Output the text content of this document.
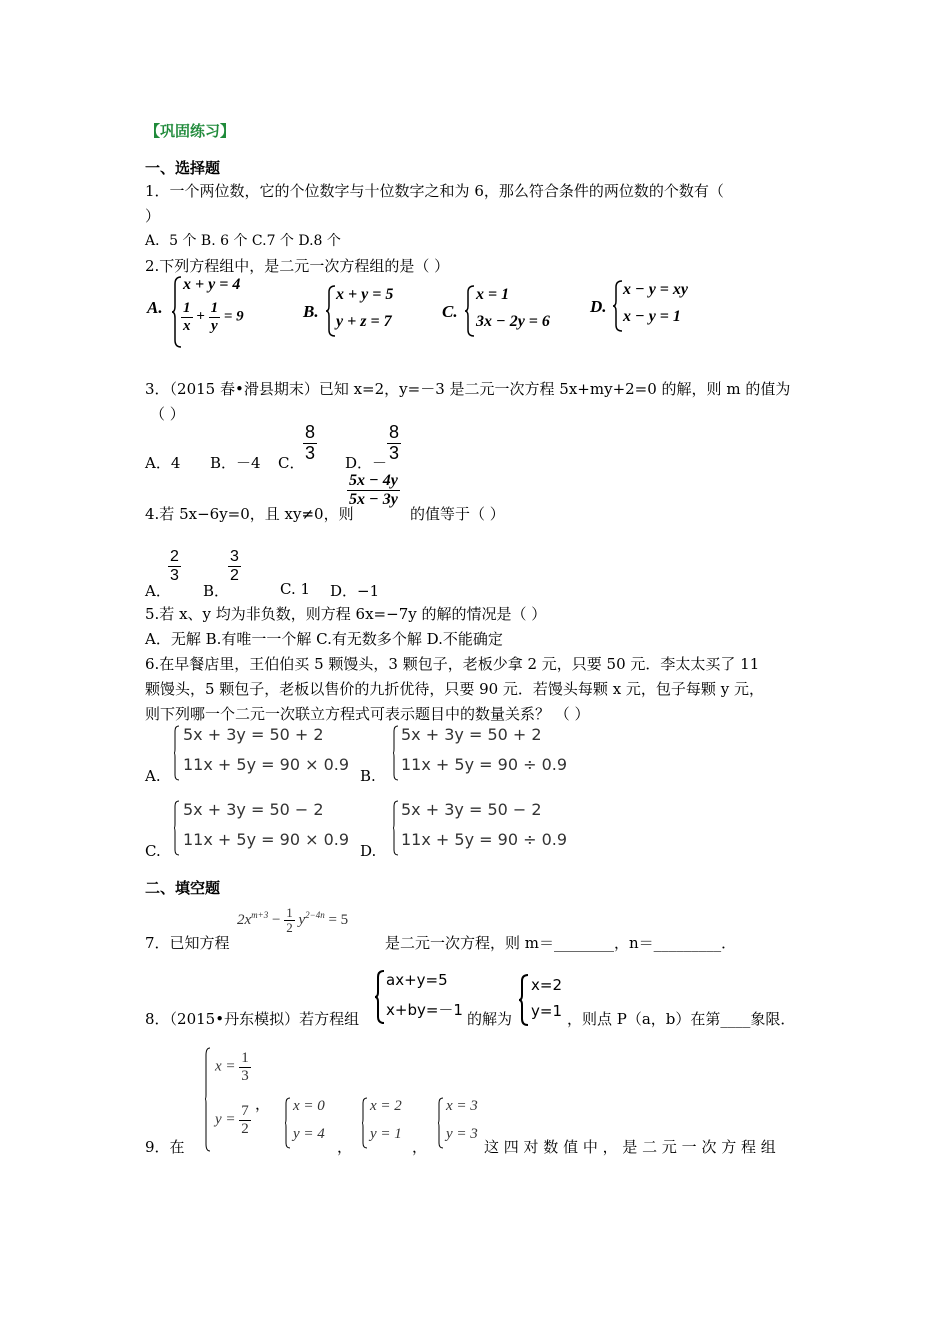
【巩固练习】
一、选择题
1．一个两位数，它的个位数字与十位数字之和为 6，那么符合条件的两位数的个数有（
）
A．5 个 B. 6 个 C.7 个 D.8 个
2.下列方程组中，是二元一次方程组的是（ ）
A.
x + y = 4
$\frac{1}{x} + \frac{1}{y} = 9$	B.
x + y = 5
y + z = 7
C.
x = 1
3x − 2y = 6
D.
x − y = xy
x − y = 1
3．（2015 春•滑县期末）已知 x=2，y=－3 是二元一次方程 5x+my+2=0 的解，则 m 的值为
（ ）
A．4 B．－4 C．
$\frac{8}{3}$ D．－ $\frac{8}{3}$
4.若 5x−6y=0，且 xy≠0，则
$\frac{5x - 4y}{5x - 3y}$
的值等于（ ）
A．
$\frac{2}{3}$
B．
$\frac{3}{2}$
C. 1 D．−1
5.若 x、y 均为非负数，则方程 6x=−7y 的解的情况是（ ）
A．无解 B.有唯一一个解 C.有无数多个解 D.不能确定
6.在早餐店里，王伯伯买 5 颗馒头，3 颗包子，老板少拿 2 元，只要 50 元．李太太买了 11
颗馒头，5 颗包子，老板以售价的九折优待，只要 90 元．若馒头每颗 x 元，包子每颗 y 元，
则下列哪一个二元一次联立方程式可表示题目中的数量关系？ （ ）
A.
5x + 3y = 50 + 2
11x + 5y = 90 × 0.9
B.
5x + 3y = 50 + 2
11x + 5y = 90 ÷ 0.9
C.
5x + 3y = 50 − 2
11x + 5y = 90 × 0.9
D.
5x + 3y = 50 − 2
11x + 5y = 90 ÷ 0.9
二、填空题
7．已知方程
$2x^{m+3} - \frac{1}{2} y^{2-4n} = 5$
是二元一次方程，则 m＝________，n＝_________．
8．（2015•丹东模拟）若方程组
ax+y=5
x+by=－1 的解为
x=2
y=1 ，则点 P（a，b）在第____象限．
9．在
$x = \frac{1}{3}$
$y = \frac{7}{2}$ ， x = 0
y = 4
，
x = 2
y = 1
，
x = 3
y = 3
这 四 对 数 值 中 ， 是 二 元 一 次 方 程 组
